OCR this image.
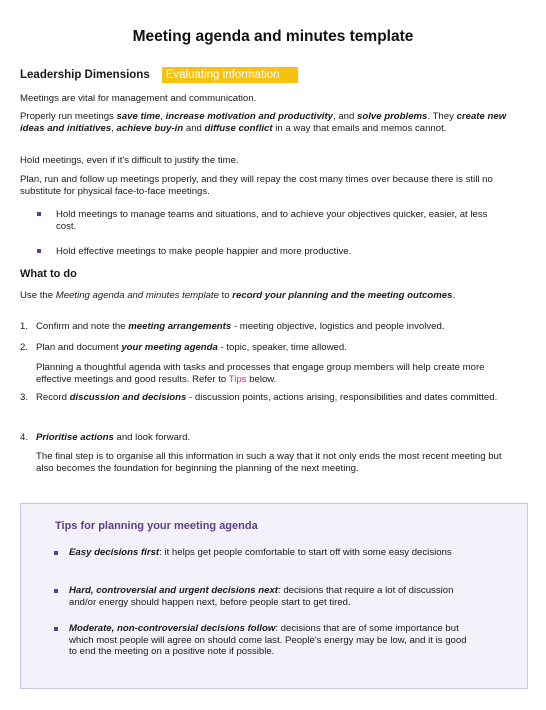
Meeting agenda and minutes template
Leadership Dimensions	Evaluating information
Meetings are vital for management and communication.
Properly run meetings save time, increase motivation and productivity, and solve problems. They create new ideas and initiatives, achieve buy-in and diffuse conflict in a way that emails and memos cannot.
Hold meetings, even if it's difficult to justify the time.
Plan, run and follow up meetings properly, and they will repay the cost many times over because there is still no substitute for physical face-to-face meetings.
Hold meetings to manage teams and situations, and to achieve your objectives quicker, easier, at less cost.
Hold effective meetings to make people happier and more productive.
What to do
Use the Meeting agenda and minutes template to record your planning and the meeting outcomes.
1. Confirm and note the meeting arrangements - meeting objective, logistics and people involved.
2. Plan and document your meeting agenda - topic, speaker, time allowed.
Planning a thoughtful agenda with tasks and processes that engage group members will help create more effective meetings and good results. Refer to Tips below.
3. Record discussion and decisions - discussion points, actions arising, responsibilities and dates committed.
4. Prioritise actions and look forward.
The final step is to organise all this information in such a way that it not only ends the most recent meeting but also becomes the foundation for beginning the planning of the next meeting.
Tips for planning your meeting agenda
Easy decisions first: it helps get people comfortable to start off with some easy decisions
Hard, controversial and urgent decisions next: decisions that require a lot of discussion and/or energy should happen next, before people start to get tired.
Moderate, non-controversial decisions follow: decisions that are of some importance but which most people will agree on should come last. People's energy may be low, and it is good to end the meeting on a positive note if possible.
